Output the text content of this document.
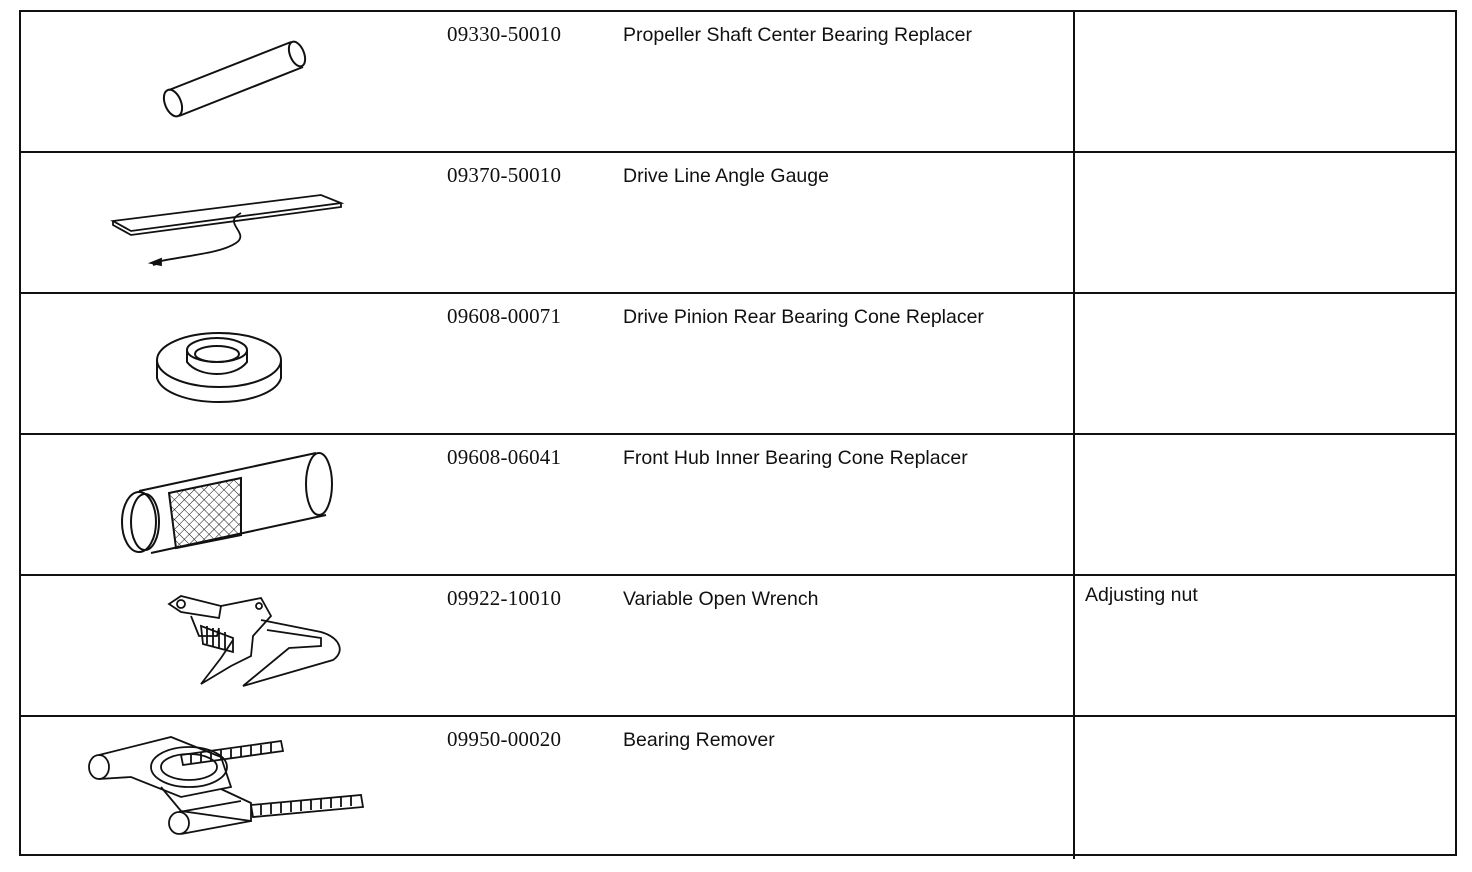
09330-50010	Propeller Shaft Center Bearing Replacer
09370-50010	Drive Line Angle Gauge
09608-00071	Drive Pinion Rear Bearing Cone Replacer
09608-06041	Front Hub Inner Bearing Cone Replacer
09922-10010	Variable Open Wrench	Adjusting nut
09950-00020	Bearing Remover
